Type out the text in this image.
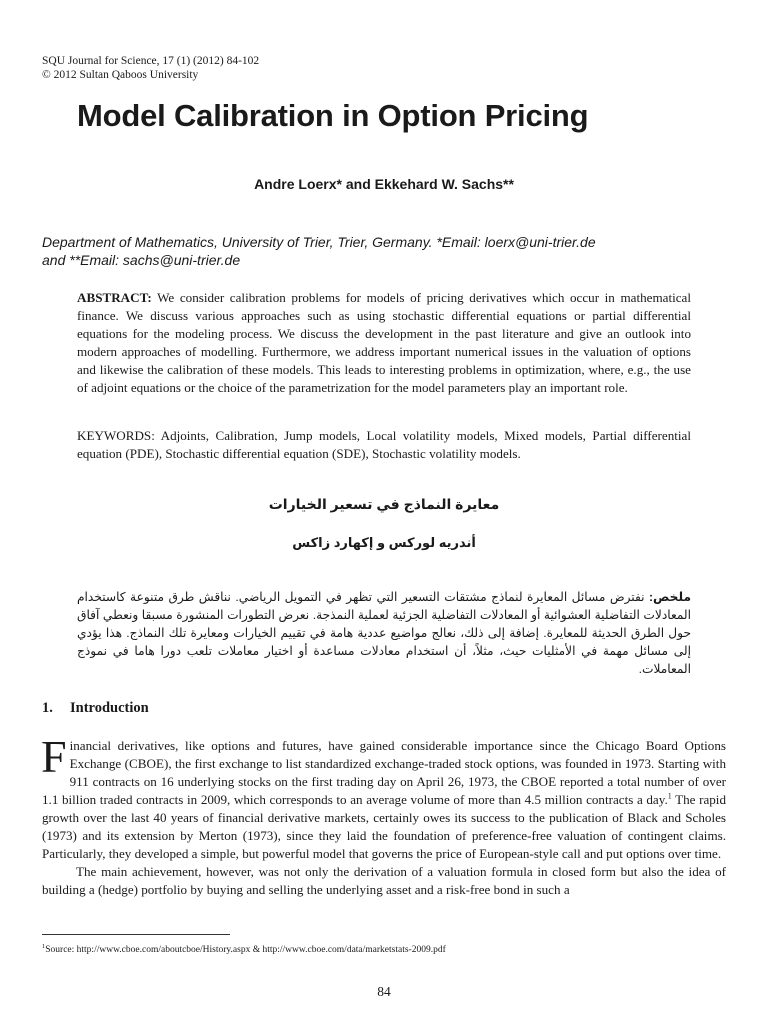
SQU Journal for Science, 17 (1) (2012) 84-102
© 2012 Sultan Qaboos University
Model Calibration in Option Pricing
Andre Loerx* and Ekkehard W. Sachs**
Department of Mathematics, University of Trier, Trier, Germany. *Email: loerx@uni-trier.de
and **Email: sachs@uni-trier.de
ABSTRACT: We consider calibration problems for models of pricing derivatives which occur in mathematical finance. We discuss various approaches such as using stochastic differential equations or partial differential equations for the modeling process. We discuss the development in the past literature and give an outlook into modern approaches of modelling. Furthermore, we address important numerical issues in the valuation of options and likewise the calibration of these models. This leads to interesting problems in optimization, where, e.g., the use of adjoint equations or the choice of the parametrization for the model parameters play an important role.
KEYWORDS: Adjoints, Calibration, Jump models, Local volatility models, Mixed models, Partial differential equation (PDE), Stochastic differential equation (SDE), Stochastic volatility models.
معايرة النماذج في تسعير الخيارات
أندريه لوركس و إكهارد زاكس
ملخص: نفترض مسائل المعايرة لنماذج مشتقات التسعير التي تظهر في التمويل الرياضي. نناقش طرق متنوعة كاستخدام المعادلات التفاضلية العشوائية أو المعادلات التفاضلية الجزئية لعملية النمذجة. نعرض التطورات المنشورة مسبقا ونعطي آفاق حول الطرق الحديثة للمعايرة. إضافة إلى ذلك، نعالج مواضيع عددية هامة في تقييم الخيارات ومعايرة تلك النماذج. هذا يؤدي إلى مسائل مهمة في الأمثليات حيث، مثلاً، أن استخدام معادلات مساعدة أو اختيار معاملات تلعب دورا هاما في نموذج المعاملات.
1. Introduction

Financial derivatives, like options and futures, have gained considerable importance since the Chicago Board Options Exchange (CBOE), the first exchange to list standardized exchange-traded stock options, was founded in 1973. Starting with 911 contracts on 16 underlying stocks on the first trading day on April 26, 1973, the CBOE reported a total number of over 1.1 billion traded contracts in 2009, which corresponds to an average volume of more than 4.5 million contracts a day.$^1$ The rapid growth over the last 40 years of financial derivative markets, certainly owes its success to the publication of Black and Scholes (1973) and its extension by Merton (1973), since they laid the foundation of preference-free valuation of contingent claims. Particularly, they developed a simple, but powerful model that governs the price of European-style call and put options over time.

The main achievement, however, was not only the derivation of a valuation formula in closed form but also the idea of building a (hedge) portfolio by buying and selling the underlying asset and a risk-free bond in such a

$^1$Source: http://www.cboe.com/aboutcboe/History.aspx & http://www.cboe.com/data/marketstats-2009.pdf
84
